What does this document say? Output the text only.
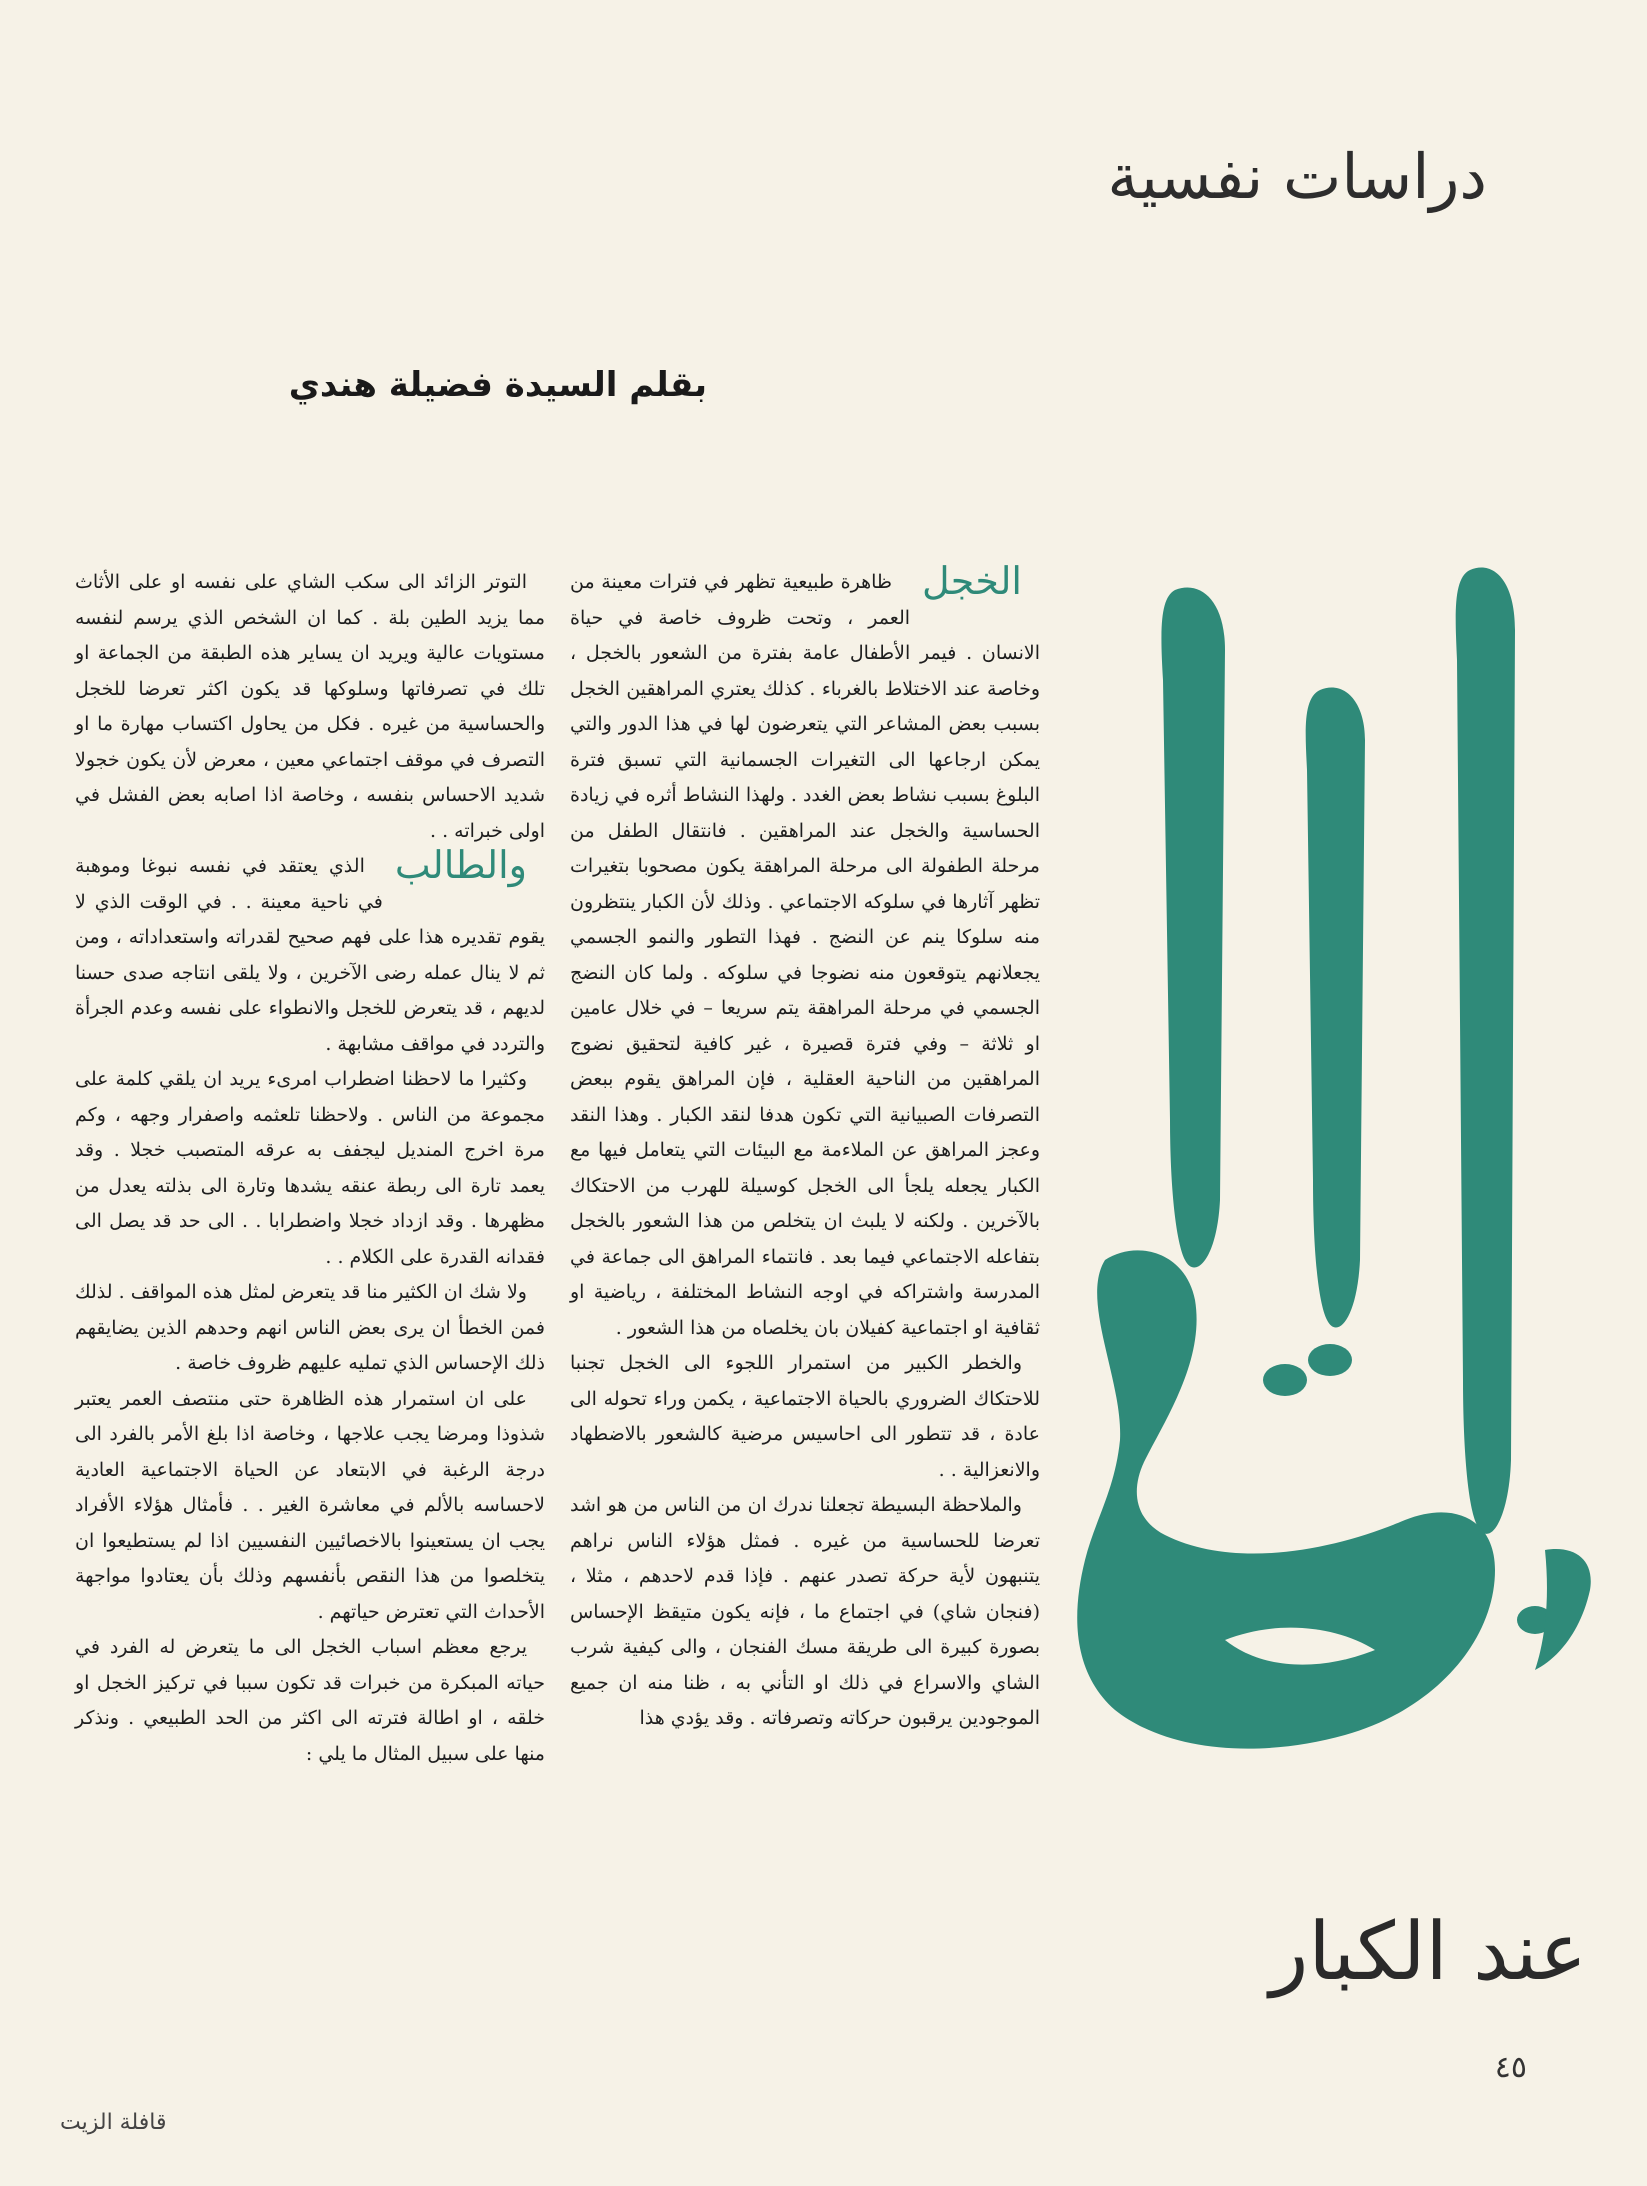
دراسات نفسية
بقلم السيدة فضيلة هندي

الخجل
ظاهرة طبيعية تظهر في فترات معينة من العمر ، وتحت ظروف خاصة في حياة الانسان . فيمر الأطفال عامة بفترة من الشعور بالخجل ، وخاصة عند الاختلاط بالغرباء . كذلك يعتري المراهقين الخجل بسبب بعض المشاعر التي يتعرضون لها في هذا الدور والتي يمكن ارجاعها الى التغيرات الجسمانية التي تسبق فترة البلوغ بسبب نشاط بعض الغدد . ولهذا النشاط أثره في زيادة الحساسية والخجل عند المراهقين . فانتقال الطفل من مرحلة الطفولة الى مرحلة المراهقة يكون مصحوبا بتغيرات تظهر آثارها في سلوكه الاجتماعي . وذلك لأن الكبار ينتظرون منه سلوكا ينم عن النضج . فهذا التطور والنمو الجسمي يجعلانهم يتوقعون منه نضوجا في سلوكه . ولما كان النضج الجسمي في مرحلة المراهقة يتم سريعا – في خلال عامين او ثلاثة – وفي فترة قصيرة ، غير كافية لتحقيق نضوج المراهقين من الناحية العقلية ، فإن المراهق يقوم ببعض التصرفات الصبيانية التي تكون هدفا لنقد الكبار . وهذا النقد وعجز المراهق عن الملاءمة مع البيئات التي يتعامل فيها مع الكبار يجعله يلجأ الى الخجل كوسيلة للهرب من الاحتكاك بالآخرين . ولكنه لا يلبث ان يتخلص من هذا الشعور بالخجل بتفاعله الاجتماعي فيما بعد . فانتماء المراهق الى جماعة في المدرسة واشتراكه في اوجه النشاط المختلفة ، رياضية او ثقافية او اجتماعية كفيلان بان يخلصاه من هذا الشعور .

والخطر الكبير من استمرار اللجوء الى الخجل تجنبا للاحتكاك الضروري بالحياة الاجتماعية ، يكمن وراء تحوله الى عادة ، قد تتطور الى احاسيس مرضية كالشعور بالاضطهاد والانعزالية . .

والملاحظة البسيطة تجعلنا ندرك ان من الناس من هو اشد تعرضا للحساسية من غيره . فمثل هؤلاء الناس نراهم يتنبهون لأية حركة تصدر عنهم . فإذا قدم لاحدهم ، مثلا ، (فنجان شاي) في اجتماع ما ، فإنه يكون متيقظ الإحساس بصورة كبيرة الى طريقة مسك الفنجان ، والى كيفية شرب الشاي والاسراع في ذلك او التأني به ، ظنا منه ان جميع الموجودين يرقبون حركاته وتصرفاته . وقد يؤدي هذا

التوتر الزائد الى سكب الشاي على نفسه او على الأثاث مما يزيد الطين بلة . كما ان الشخص الذي يرسم لنفسه مستويات عالية ويريد ان يساير هذه الطبقة من الجماعة او تلك في تصرفاتها وسلوكها قد يكون اكثر تعرضا للخجل والحساسية من غيره . فكل من يحاول اكتساب مهارة ما او التصرف في موقف اجتماعي معين ، معرض لأن يكون خجولا شديد الاحساس بنفسه ، وخاصة اذا اصابه بعض الفشل في اولى خبراته . .

والطالب
الذي يعتقد في نفسه نبوغا وموهبة في ناحية معينة . . في الوقت الذي لا يقوم تقديره هذا على فهم صحيح لقدراته واستعداداته ، ومن ثم لا ينال عمله رضى الآخرين ، ولا يلقى انتاجه صدى حسنا لديهم ، قد يتعرض للخجل والانطواء على نفسه وعدم الجرأة والتردد في مواقف مشابهة .

وكثيرا ما لاحظنا اضطراب امرىء يريد ان يلقي كلمة على مجموعة من الناس . ولاحظنا تلعثمه واصفرار وجهه ، وكم مرة اخرج المنديل ليجفف به عرقه المتصبب خجلا . وقد يعمد تارة الى ربطة عنقه يشدها وتارة الى بذلته يعدل من مظهرها . وقد ازداد خجلا واضطرابا . . الى حد قد يصل الى فقدانه القدرة على الكلام . .

ولا شك ان الكثير منا قد يتعرض لمثل هذه المواقف . لذلك فمن الخطأ ان يرى بعض الناس انهم وحدهم الذين يضايقهم ذلك الإحساس الذي تمليه عليهم ظروف خاصة .

على ان استمرار هذه الظاهرة حتى منتصف العمر يعتبر شذوذا ومرضا يجب علاجها ، وخاصة اذا بلغ الأمر بالفرد الى درجة الرغبة في الابتعاد عن الحياة الاجتماعية العادية لاحساسه بالألم في معاشرة الغير . . فأمثال هؤلاء الأفراد يجب ان يستعينوا بالاخصائيين النفسيين اذا لم يستطيعوا ان يتخلصوا من هذا النقص بأنفسهم وذلك بأن يعتادوا مواجهة الأحداث التي تعترض حياتهم .

يرجع معظم اسباب الخجل الى ما يتعرض له الفرد في حياته المبكرة من خبرات قد تكون سببا في تركيز الخجل او خلقه ، او اطالة فترته الى اكثر من الحد الطبيعي . ونذكر منها على سبيل المثال ما يلي :

عند الكبار
٤٥
قافلة الزيت
